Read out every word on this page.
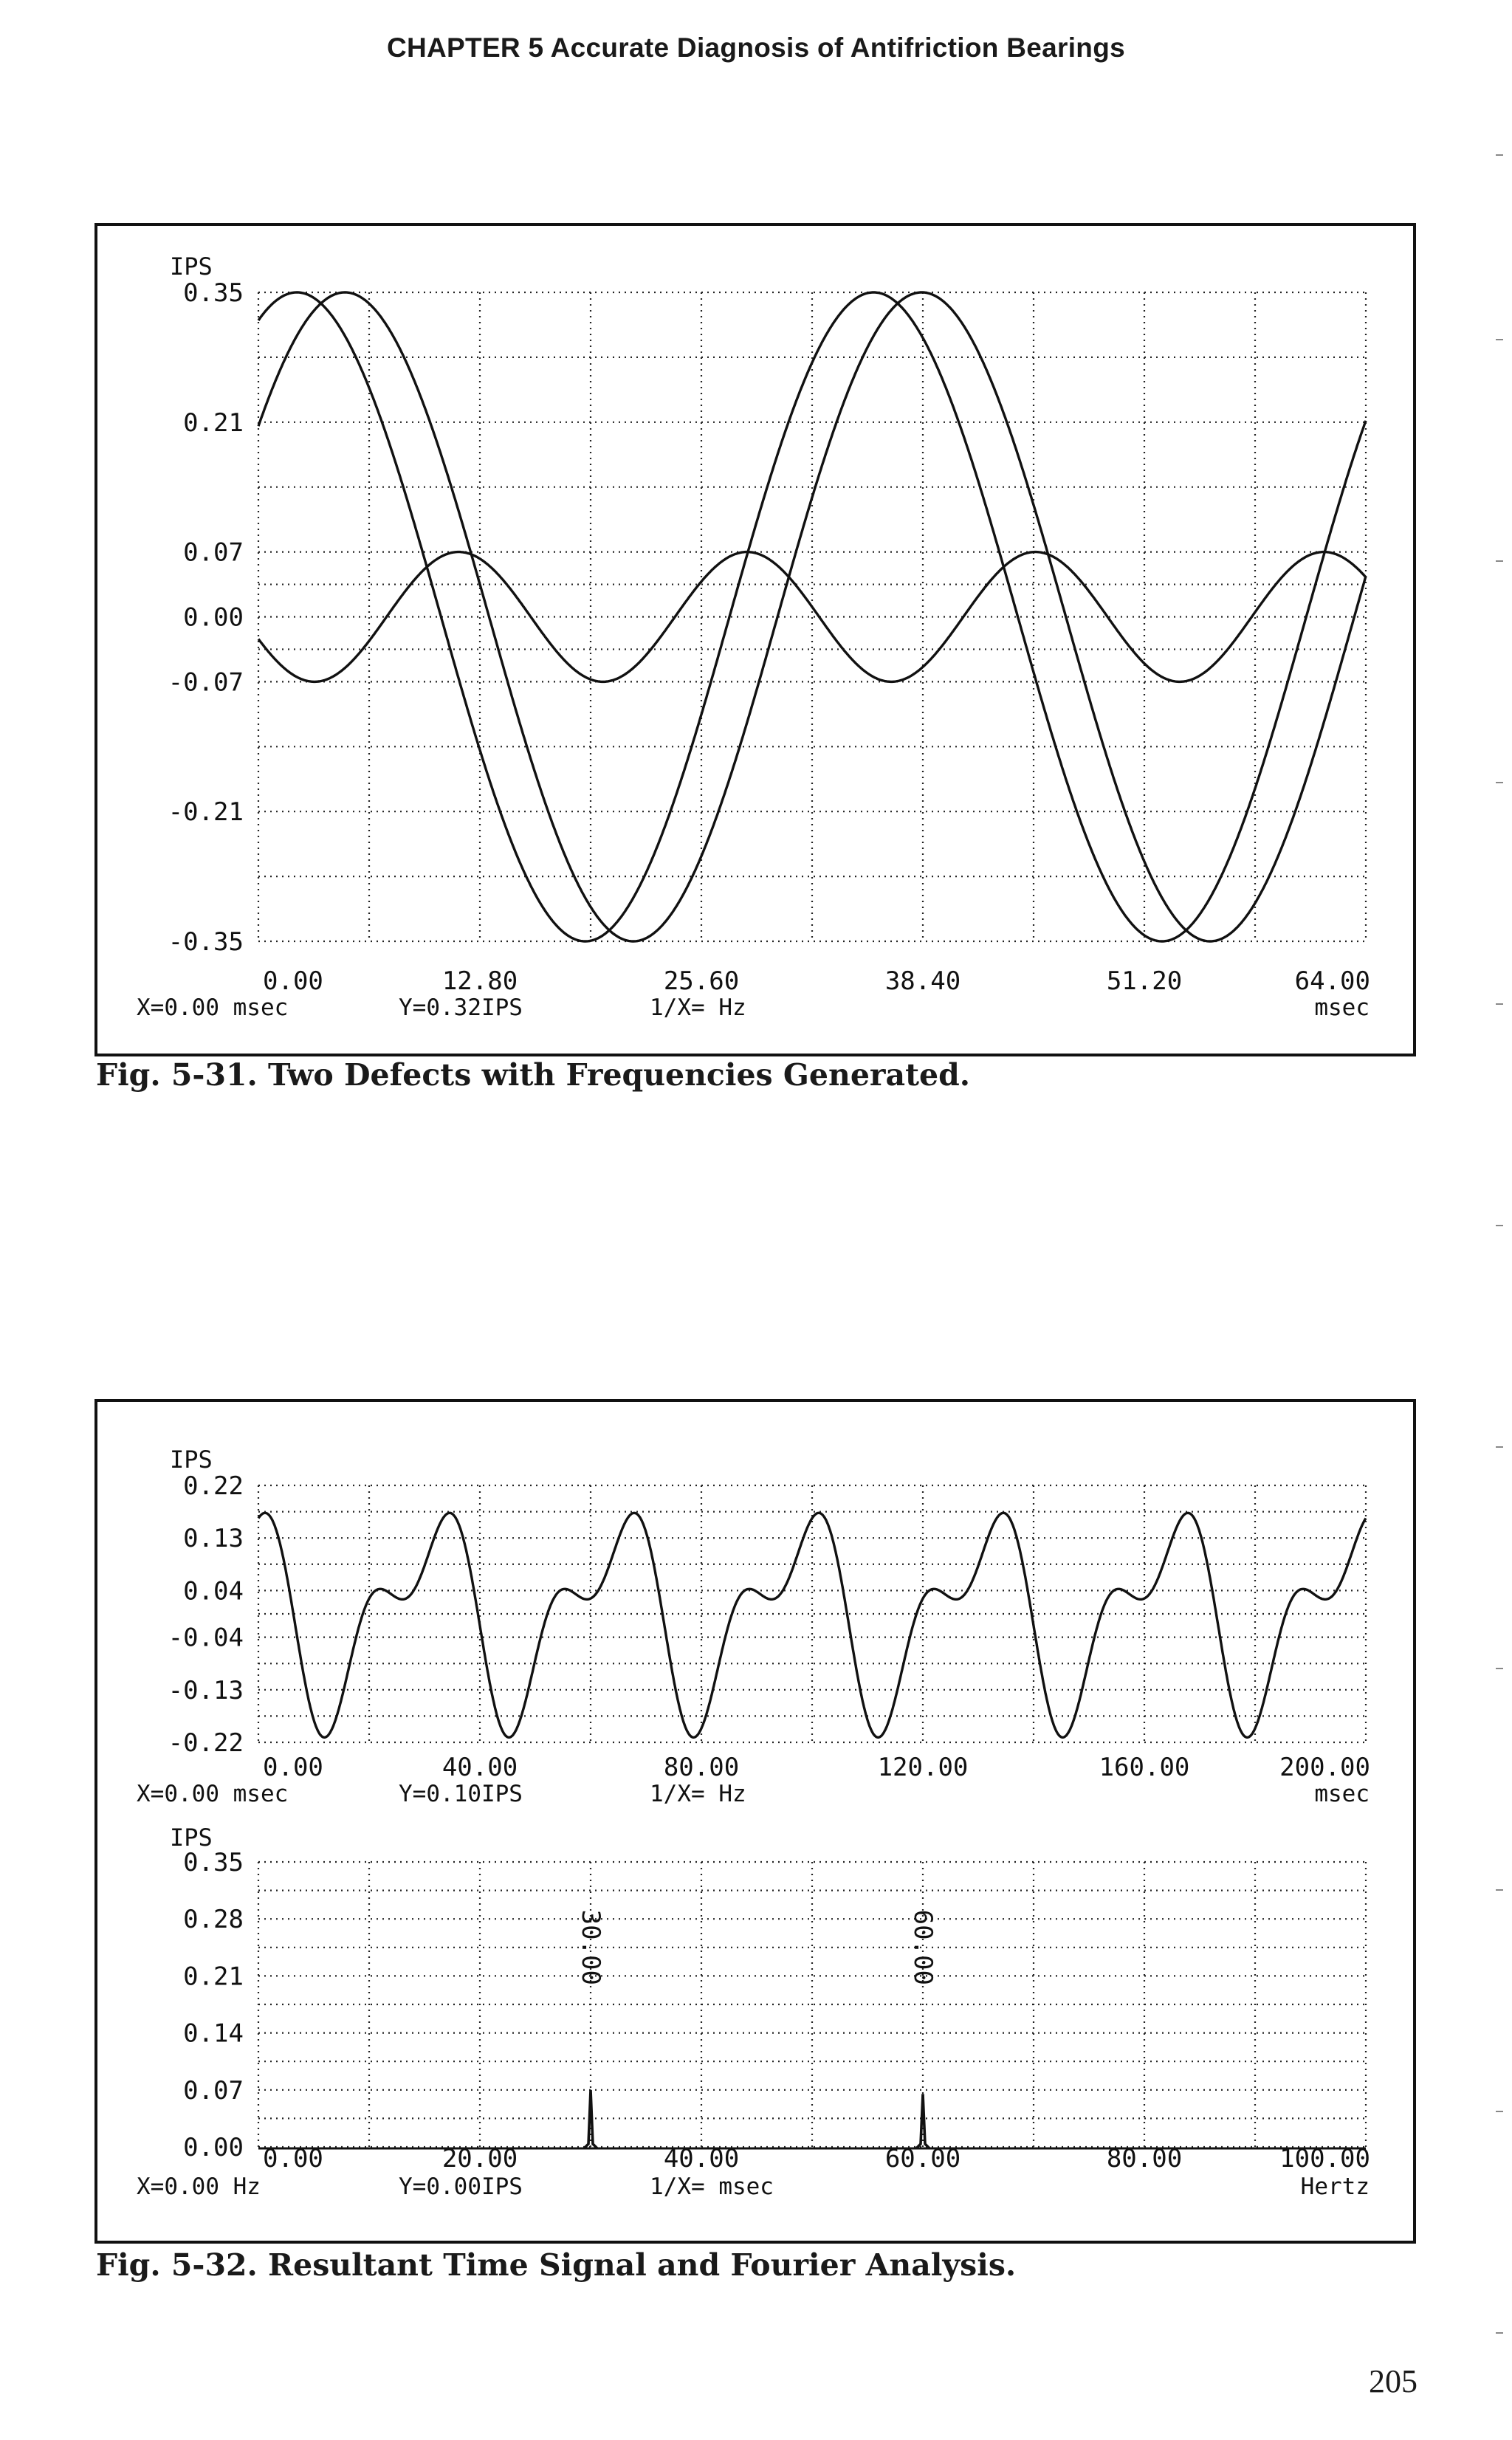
CHAPTER 5 Accurate Diagnosis of Antifriction Bearings
IPS
0.35
0.21
0.07
0.00
-0.07
-0.21
-0.35
0.00	12.80	25.60	38.40	51.20	64.00
X=0.00 msec	Y=0.32IPS	1/X= Hz	msec
IPS
0.22
0.13
0.04
-0.04
-0.13
-0.22
0.00	40.00	80.00	120.00	160.00	200.00
X=0.00 msec	Y=0.10IPS	1/X= Hz	msec
IPS
0.35
0.28
0.21
0.14
0.07
0.00 0.00	20.00	40.00	60.00	80.00	100.00
X=0.00 Hz	Y=0.00IPS	1/X= msec	Hertz
30.00	60.00
Fig. 5-31. Two Defects with Frequencies Generated.
Fig. 5-32. Resultant Time Signal and Fourier Analysis.
205
